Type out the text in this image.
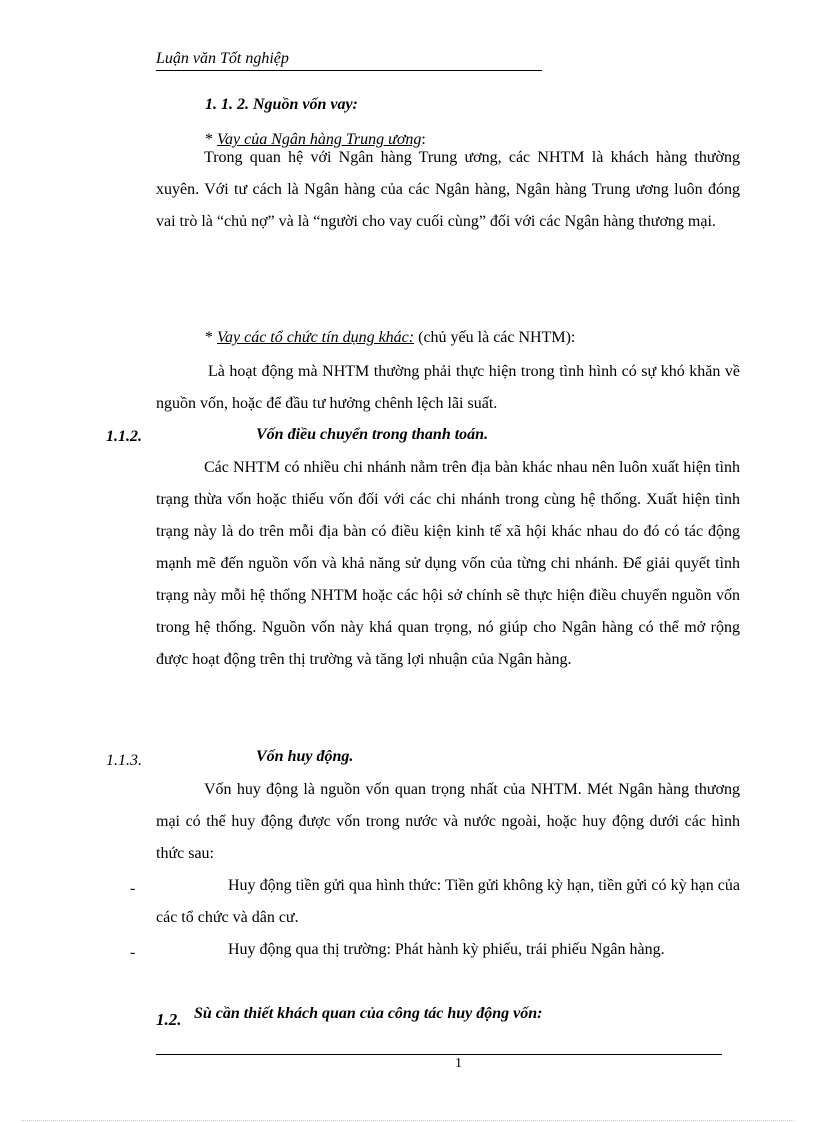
Luận văn Tốt nghiệp
1. 1. 2. Nguồn vốn vay:
* Vay của Ngân hàng Trung ương:
Trong quan hệ với Ngân hàng Trung ương, các NHTM là khách hàng thường xuyên. Với tư cách là Ngân hàng của các Ngân hàng, Ngân hàng Trung ương luôn đóng vai trò là “chủ nợ” và là “người cho vay cuối cùng” đối với các Ngân hàng thương mại.
* Vay các tổ chức tín dụng khác: (chủ yếu là các NHTM):
Là hoạt động mà NHTM thường phải thực hiện trong tình hình có sự khó khăn về nguồn vốn, hoặc để đầu tư hưởng chênh lệch lãi suất.
1.1.2.	Vốn điều chuyển trong thanh toán.
Các NHTM có nhiều chi nhánh nằm trên địa bàn khác nhau nên luôn xuất hiện tình trạng thừa vốn hoặc thiếu vốn đối với các chi nhánh trong cùng hệ thống. Xuất hiện tình trạng này là do trên mỗi địa bàn có điều kiện kinh tế xã hội khác nhau do đó có tác động mạnh mẽ đến nguồn vốn và khả năng sử dụng vốn của từng chi nhánh. Để giải quyết tình trạng này mỗi hệ thống NHTM hoặc các hội sở chính sẽ thực hiện điều chuyển nguồn vốn trong hệ thống. Nguồn vốn này khá quan trọng, nó giúp cho Ngân hàng có thể mở rộng được hoạt động trên thị trường và tăng lợi nhuận của Ngân hàng.
1.1.3.	Vốn huy động.
Vốn huy động là nguồn vốn quan trọng nhất của NHTM. Mét Ngân hàng thương mại có thể huy động được vốn trong nước và nước ngoài, hoặc huy động dưới các hình thức sau:
-	Huy động tiền gửi qua hình thức: Tiền gửi không kỳ hạn, tiền gửi có kỳ hạn của các tổ chức và dân cư.
-	Huy động qua thị trường: Phát hành kỳ phiếu, trái phiếu Ngân hàng.
1.2. Sù cần thiết khách quan của công tác huy động vốn:
1
